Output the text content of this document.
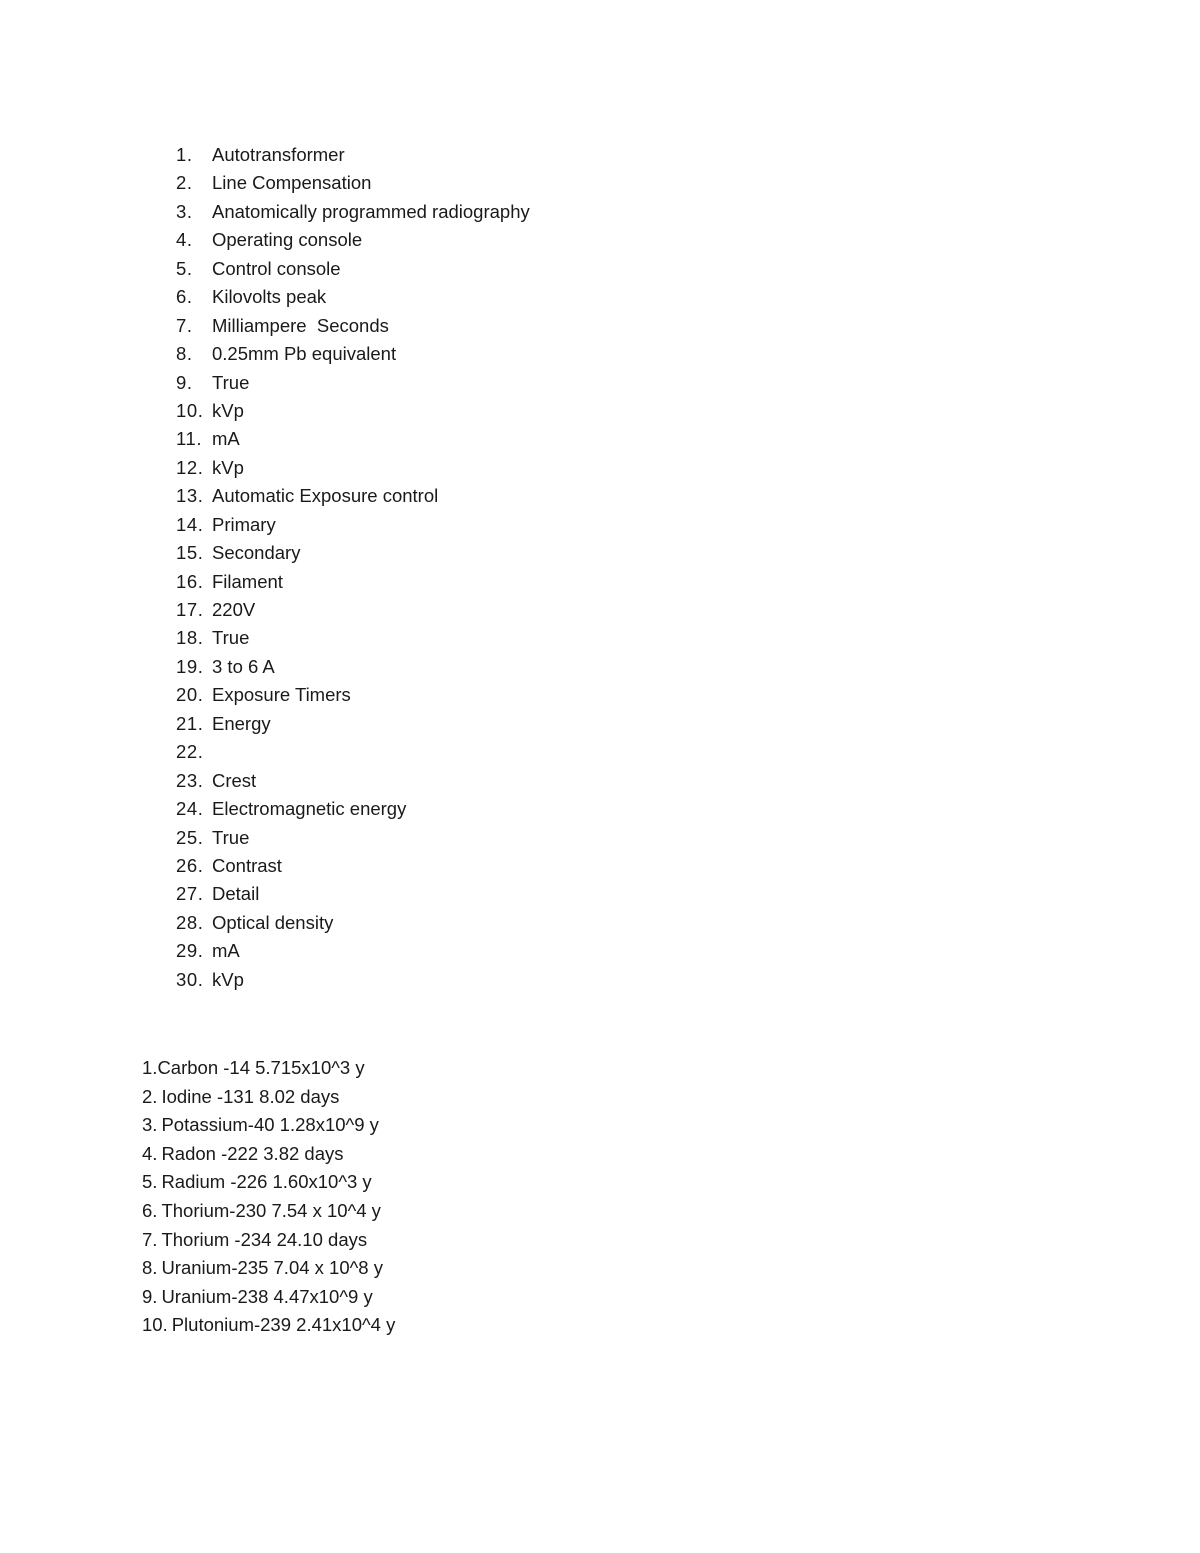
1.	Autotransformer
2.	Line Compensation
3.	Anatomically programmed radiography
4.	Operating console
5.	Control console
6.	Kilovolts peak
7.	Milliampere  Seconds
8.	0.25mm Pb equivalent
9.	True
10. kVp
11. mA
12. kVp
13. Automatic Exposure control
14. Primary
15. Secondary
16. Filament
17. 220V
18. True
19. 3 to 6 A
20. Exposure Timers
21. Energy
22.
23. Crest
24. Electromagnetic energy
25. True
26. Contrast
27. Detail
28. Optical density
29. mA
30. kVp
1.Carbon -14 5.715x10^3 y
2. Iodine -131 8.02 days
3. Potassium-40 1.28x10^9 y
4. Radon -222 3.82 days
5. Radium -226 1.60x10^3 y
6. Thorium-230 7.54 x 10^4 y
7. Thorium -234 24.10 days
8. Uranium-235 7.04 x 10^8 y
9. Uranium-238 4.47x10^9 y
10. Plutonium-239 2.41x10^4 y
